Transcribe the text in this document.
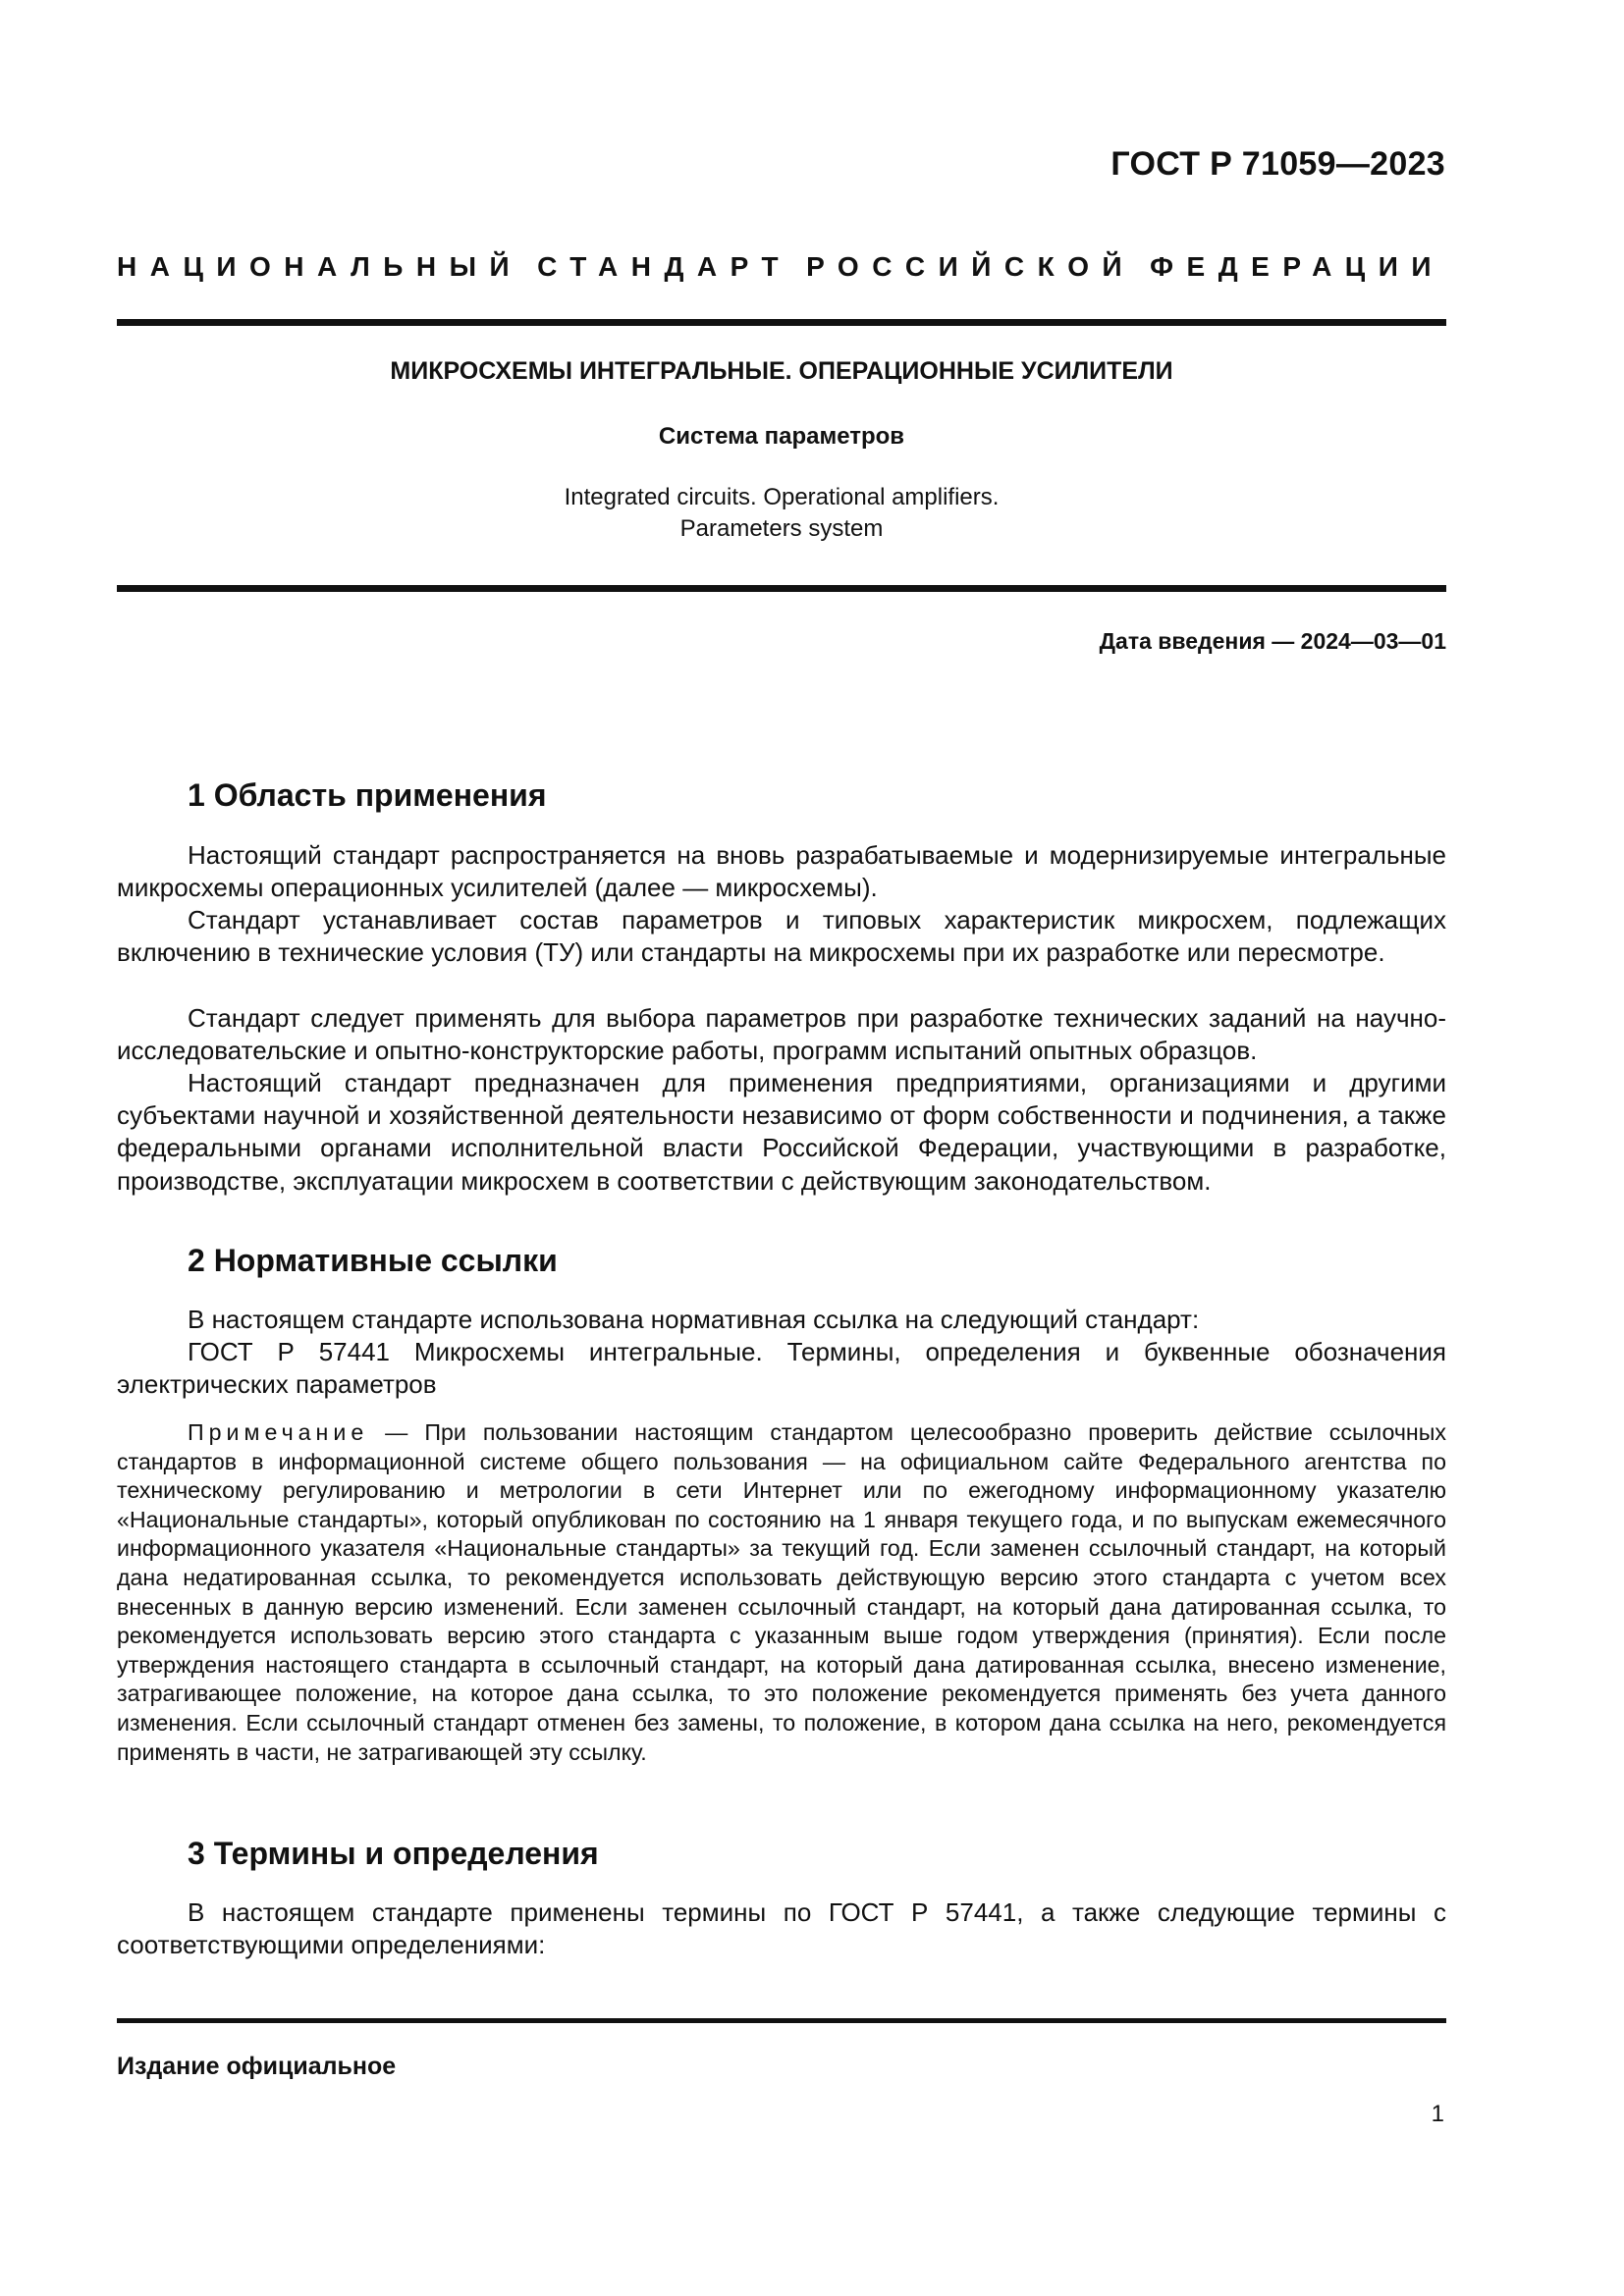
ГОСТ Р 71059—2023
НАЦИОНАЛЬНЫЙ СТАНДАРТ РОССИЙСКОЙ ФЕДЕРАЦИИ
МИКРОСХЕМЫ ИНТЕГРАЛЬНЫЕ. ОПЕРАЦИОННЫЕ УСИЛИТЕЛИ
Система параметров
Integrated circuits. Operational amplifiers.
Parameters system
Дата введения — 2024—03—01
1 Область применения

Настоящий стандарт распространяется на вновь разрабатываемые и модернизируемые интегральные микросхемы операционных усилителей (далее — микросхемы).

Стандарт устанавливает состав параметров и типовых характеристик микросхем, подлежащих включению в технические условия (ТУ) или стандарты на микросхемы при их разработке или пересмотре.

Стандарт следует применять для выбора параметров при разработке технических заданий на научно-исследовательские и опытно-конструкторские работы, программ испытаний опытных образцов.

Настоящий стандарт предназначен для применения предприятиями, организациями и другими субъектами научной и хозяйственной деятельности независимо от форм собственности и подчинения, а также федеральными органами исполнительной власти Российской Федерации, участвующими в разработке, производстве, эксплуатации микросхем в соответствии с действующим законодательством.

2 Нормативные ссылки

В настоящем стандарте использована нормативная ссылка на следующий стандарт:

ГОСТ Р 57441 Микросхемы интегральные. Термины, определения и буквенные обозначения электрических параметров

Примечание — При пользовании настоящим стандартом целесообразно проверить действие ссылочных стандартов в информационной системе общего пользования — на официальном сайте Федерального агентства по техническому регулированию и метрологии в сети Интернет или по ежегодному информационному указателю «Национальные стандарты», который опубликован по состоянию на 1 января текущего года, и по выпускам ежемесячного информационного указателя «Национальные стандарты» за текущий год. Если заменен ссылочный стандарт, на который дана недатированная ссылка, то рекомендуется использовать действующую версию этого стандарта с учетом всех внесенных в данную версию изменений. Если заменен ссылочный стандарт, на который дана датированная ссылка, то рекомендуется использовать версию этого стандарта с указанным выше годом утверждения (принятия). Если после утверждения настоящего стандарта в ссылочный стандарт, на который дана датированная ссылка, внесено изменение, затрагивающее положение, на которое дана ссылка, то это положение рекомендуется применять без учета данного изменения. Если ссылочный стандарт отменен без замены, то положение, в котором дана ссылка на него, рекомендуется применять в части, не затрагивающей эту ссылку.

3 Термины и определения

В настоящем стандарте применены термины по ГОСТ Р 57441, а также следующие термины с соответствующими определениями:

Издание официальное
1
